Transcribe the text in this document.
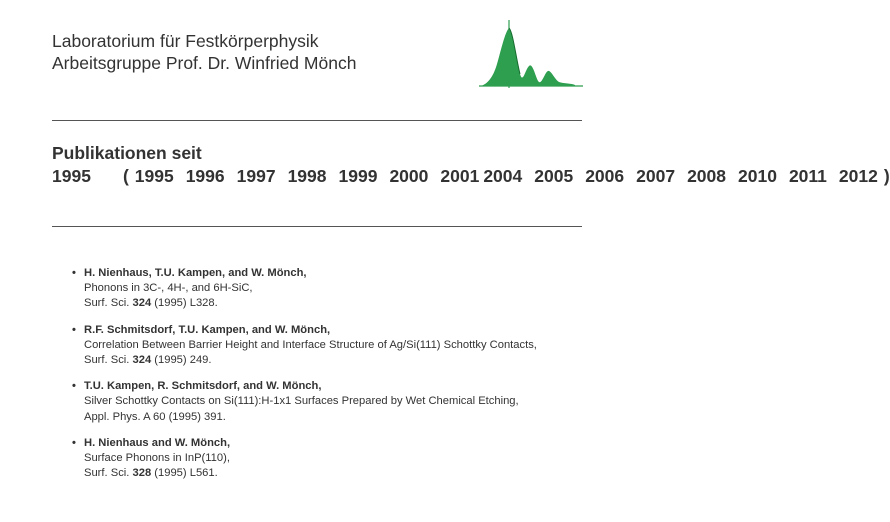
Laboratorium für Festkörperphysik
Arbeitsgruppe Prof. Dr. Winfried Mönch
Publikationen seit 1995 ( 1995 1996 1997 1998 1999 2000 2001 2004 2005 2006 2007 2008 2010 2011 2012 )
• H. Nienhaus, T.U. Kampen, and W. Mönch,
Phonons in 3C-, 4H-, and 6H-SiC,
Surf. Sci. 324 (1995) L328.
• R.F. Schmitsdorf, T.U. Kampen, and W. Mönch,
Correlation Between Barrier Height and Interface Structure of Ag/Si(111) Schottky Contacts,
Surf. Sci. 324 (1995) 249.
• T.U. Kampen, R. Schmitsdorf, and W. Mönch,
Silver Schottky Contacts on Si(111):H-1x1 Surfaces Prepared by Wet Chemical Etching,
Appl. Phys. A 60 (1995) 391.
• H. Nienhaus and W. Mönch,
Surface Phonons in InP(110),
Surf. Sci. 328 (1995) L561.
